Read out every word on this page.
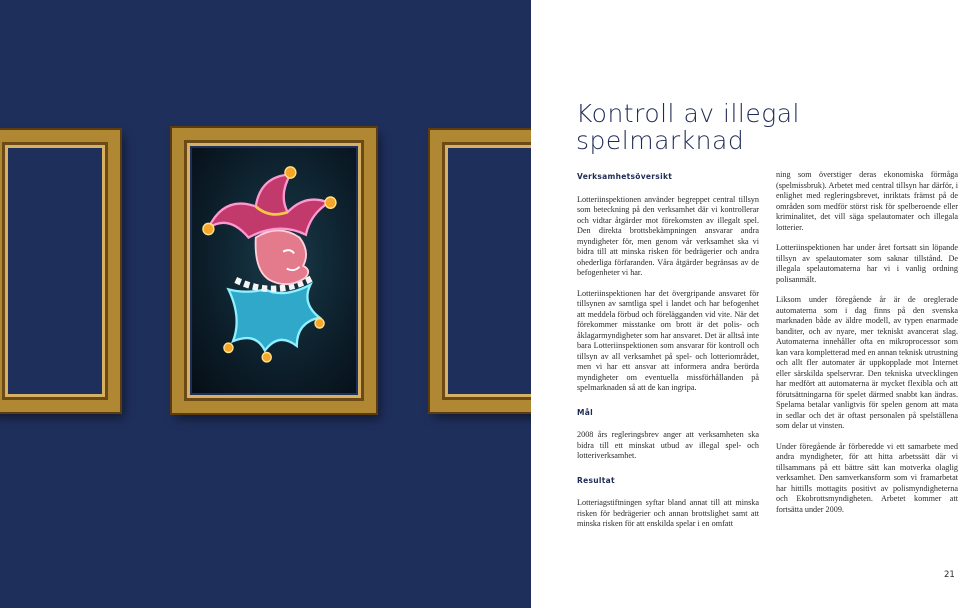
Kontroll av illegal
spelmarknad
Verksamhetsöversikt

Lotteriinspektionen använder begreppet central tillsyn som beteckning på den verksamhet där vi kontrollerar och vidtar åtgärder mot förekomsten av illegalt spel. Den direkta brottsbekämpningen ansvarar andra myndigheter för, men genom vår verksamhet ska vi bidra till att minska risken för bedrägerier och andra ohederliga förfaranden. Våra åtgärder begränsas av de befogenheter vi har.

Lotteriinspektionen har det övergripande ansvaret för tillsynen av samtliga spel i landet och har befogenhet att meddela förbud och förelägganden vid vite. När det förekommer misstanke om brott är det polis- och åklagarmyndigheter som har ansvaret. Det är alltså inte bara Lotteriinspektionen som ansvarar för kontroll och tillsyn av all verksamhet på spel- och lotteriområdet, men vi har ett ansvar att informera andra berörda myndigheter om eventuella missförhållanden på spelmarknaden så att de kan ingripa.

Mål

2008 års regleringsbrev anger att verksamheten ska bidra till ett minskat utbud av illegal spel- och lotteriverksamhet.

Resultat

Lotteriagstiftningen syftar bland annat till att minska risken för bedrägerier och annan brottslighet samt att minska risken för att enskilda spelar i en omfatt

ning som överstiger deras ekonomiska förmåga (spelmissbruk). Arbetet med central tillsyn har därför, i enlighet med regleringsbrevet, inriktats främst på de områden som medför störst risk för spelberoende eller kriminalitet, det vill säga spelautomater och illegala lotterier.

Lotteriinspektionen har under året fortsatt sin löpande tillsyn av spelautomater som saknar tillstånd. De illegala spelautomaterna har vi i vanlig ordning polisanmält.

Liksom under föregående år är de oreglerade automaterna som i dag finns på den svenska marknaden både av äldre modell, av typen enarmade banditer, och av nyare, mer tekniskt avancerat slag. Automaterna innehåller ofta en mikroprocessor som kan vara kompletterad med en annan teknisk utrustning och allt fler automater är uppkopplade mot Internet eller särskilda spelservrar. Den tekniska utvecklingen har medfört att automaterna är mycket flexibla och att förutsättningarna för spelet därmed snabbt kan ändras. Spelarna betalar vanligtvis för spelen genom att mata in sedlar och det är oftast personalen på spelställena som delar ut vinsten.

Under föregående år förberedde vi ett samarbete med andra myndigheter, för att hitta arbetssätt där vi tillsammans på ett bättre sätt kan motverka olaglig verksamhet. Den samverkansform som vi framarbetat har hittills mottagits positivt av polismyndigheterna och Ekobrottsmyndigheten. Arbetet kommer att fortsätta under 2009.

21
